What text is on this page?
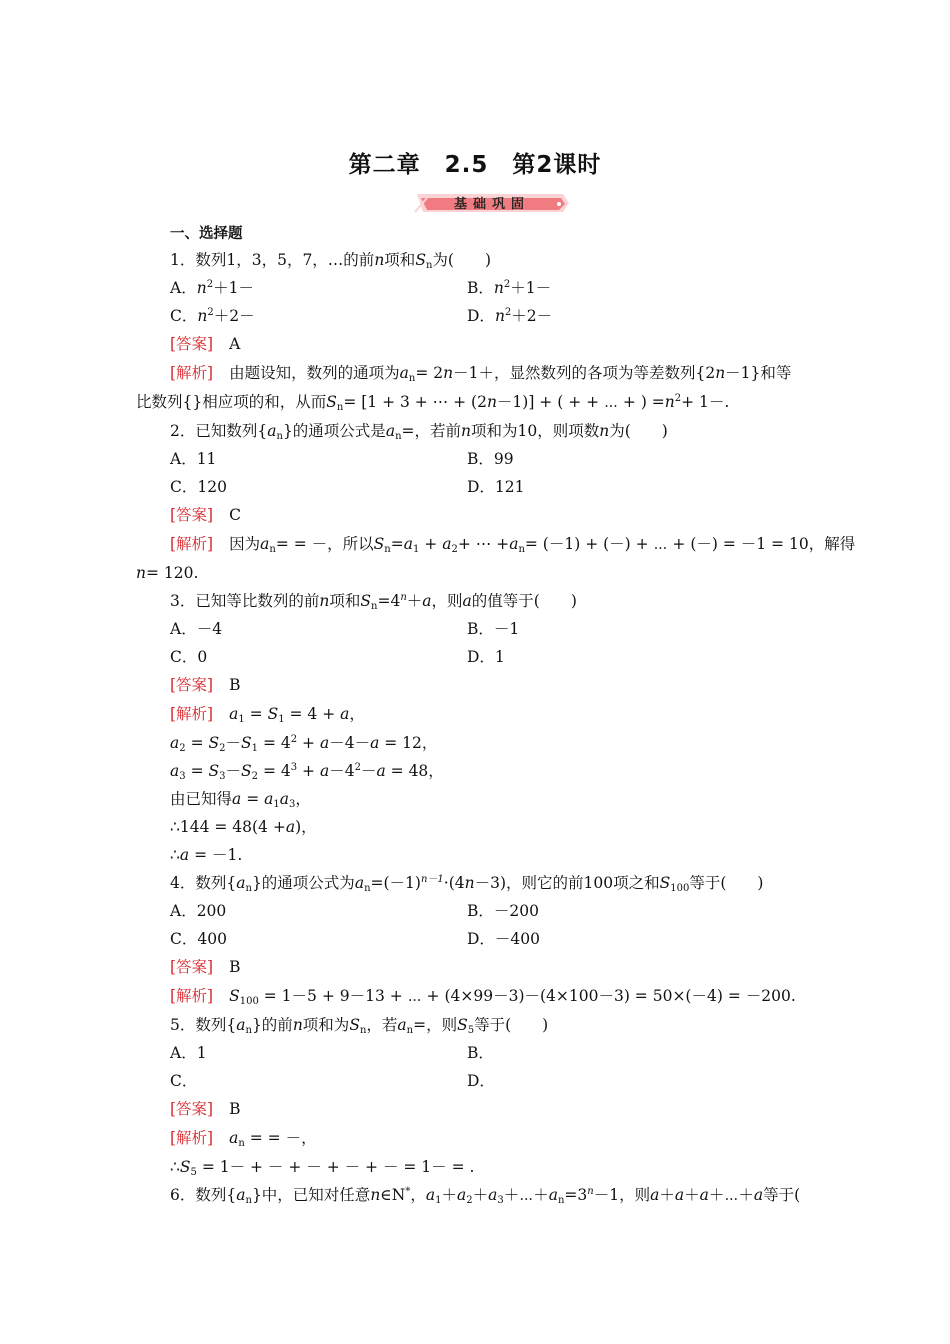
第二章　2.5　第2课时
基础巩固
一、选择题
1．数列1，3，5，7，…的前n项和$S_n$为(　　)
A．$n^2+1-$	B．$n^2+1-$
C．$n^2+2-$	D．$n^2+2-$
[答案] A
[解析] 由题设知，数列的通项为$a_n= 2n-1+$，显然数列的各项为等差数列{2n－1}和等
比数列{}相应项的和，从而$S_n= [1 + 3$ + ⋯ + (2n－1)] + ( + + ⋯ + ) $=n^2+ 1-$.
2．已知数列$\{a_n\}$的通项公式是$a_n=$，若前n项和为10，则项数n为(　　)
A．11	B．99
C．120	D．121
[答案] C
[解析] 因为$a_n=$ = －，所以$S_n=a_1 + a_2+$ ⋯ $+a_n= (-1)$ + (－) + ⋯ + (－) = －1 = 10，解得
n= 120.
3．已知等比数列的前n项和$S_n=4^n+a$，则a的值等于(　　)
A．－4	B．－1
C．0	D．1
[答案] B
[解析] $a_1 = S_1 = 4 + a$，
$a_2 = S_2-S_1 = 4^2 + a-4-a = 12$，
$a_3 = S_3-S_2 = 4^3 + a-4^2-a = 48$，
由已知得$a = a_1a_3$，
∴144 = 48(4 +a)，
∴a = －1.
4．数列$\{a_n\}$的通项公式为$a_n=(-1)^{n-1}\cdot(4n-3)$，则它的前100项之和$S_{100}$等于(　　)
A．200	B．－200
C．400	D．－400
[答案] B
[解析] $S_{100} = 1-5 + 9-13$ + ⋯ + (4×99－3)－(4×100－3) = 50×(－4) = －200.
5．数列$\{a_n\}$的前n项和为$S_n$，若$a_n=$，则$S_5$等于(　　)
A．1	B．
C．	D．
[答案] B
[解析] $a_n$ = = －，
$\therefore S_5 = 1-$ + － + － + － + － = 1－ = .
6．数列$\{a_n\}$中，已知对任意n∈N*，$a_1+a_2+a_3+\cdots+a_n=3^n-1$，则a＋a＋a＋⋯＋a等于(
